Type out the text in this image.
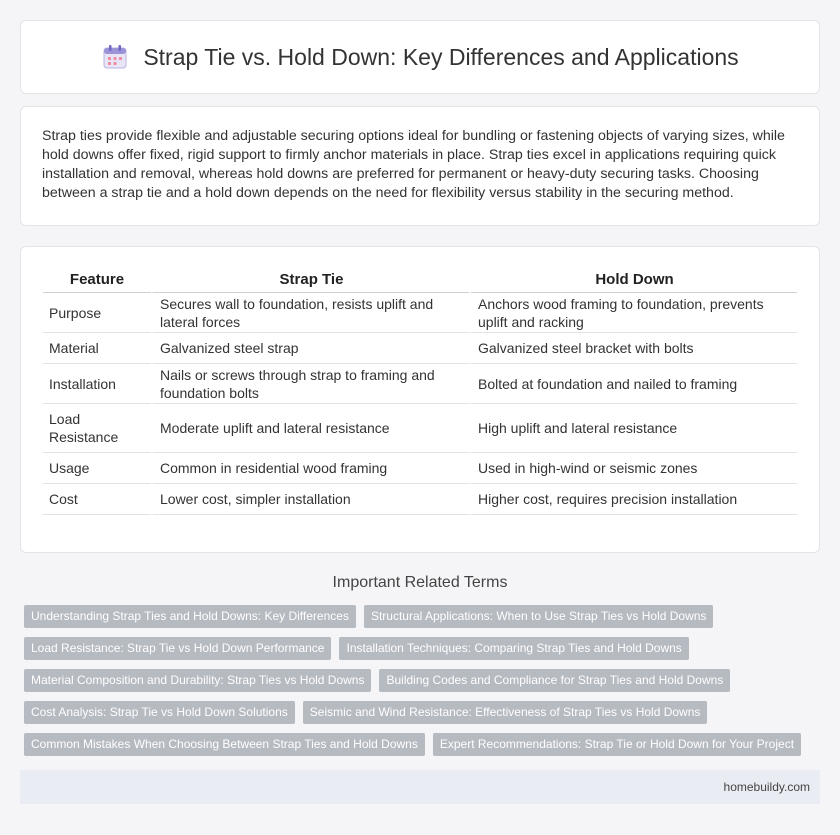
Strap Tie vs. Hold Down: Key Differences and Applications

Strap ties provide flexible and adjustable securing options ideal for bundling or fastening objects of varying sizes, while hold downs offer fixed, rigid support to firmly anchor materials in place. Strap ties excel in applications requiring quick installation and removal, whereas hold downs are preferred for permanent or heavy-duty securing tasks. Choosing between a strap tie and a hold down depends on the need for flexibility versus stability in the securing method.

Feature	Strap Tie	Hold Down
Purpose	Secures wall to foundation, resists uplift and lateral forces	Anchors wood framing to foundation, prevents uplift and racking
Material	Galvanized steel strap	Galvanized steel bracket with bolts
Installation	Nails or screws through strap to framing and foundation bolts	Bolted at foundation and nailed to framing
Load Resistance	Moderate uplift and lateral resistance	High uplift and lateral resistance
Usage	Common in residential wood framing	Used in high-wind or seismic zones
Cost	Lower cost, simpler installation	Higher cost, requires precision installation
Important Related Terms
Understanding Strap Ties and Hold Downs: Key Differences	Structural Applications: When to Use Strap Ties vs Hold Downs
Load Resistance: Strap Tie vs Hold Down Performance	Installation Techniques: Comparing Strap Ties and Hold Downs
Material Composition and Durability: Strap Ties vs Hold Downs	Building Codes and Compliance for Strap Ties and Hold Downs
Cost Analysis: Strap Tie vs Hold Down Solutions	Seismic and Wind Resistance: Effectiveness of Strap Ties vs Hold Downs
Common Mistakes When Choosing Between Strap Ties and Hold Downs	Expert Recommendations: Strap Tie or Hold Down for Your Project
homebuildy.com
